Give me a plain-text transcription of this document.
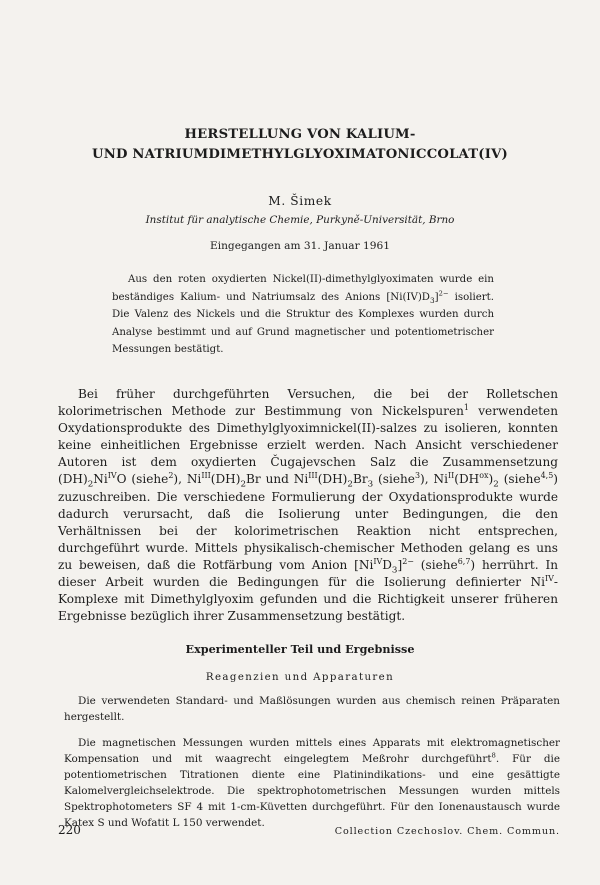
HERSTELLUNG VON KALIUM-
UND NATRIUMDIMETHYLGLYOXIMATONICCOLAT(IV)
M. Šimek
Institut für analytische Chemie, Purkyně-Universität, Brno
Eingegangen am 31. Januar 1961
Aus den roten oxydierten Nickel(II)-dimethylglyoximaten wurde ein beständiges Kalium- und Natriumsalz des Anions $[Ni(IV)D_3]^{2-}$ isoliert. Die Valenz des Nickels und die Struktur des Komplexes wurden durch Analyse bestimmt und auf Grund magnetischer und potentiometrischer Messungen bestätigt.
Bei früher durchgeführten Versuchen, die bei der Rolletschen kolorimetrischen Methode zur Bestimmung von Nickelspuren$^1$ verwendeten Oxydationsprodukte des Dimethylglyoximnickel(II)-salzes zu isolieren, konnten keine einheitlichen Ergebnisse erzielt werden. Nach Ansicht verschiedener Autoren ist dem oxydierten Čugajevschen Salz die Zusammensetzung $(DH)_2Ni^{IV}O$ (siehe$^2$), $Ni^{III}(DH)_2Br$ und $Ni^{III}(DH)_2Br_3$ (siehe$^3$), $Ni^{II}(DH^{ox})_2$ (siehe$^{4,5}$) zuzuschreiben. Die verschiedene Formulierung der Oxydationsprodukte wurde dadurch verursacht, daß die Isolierung unter Bedingungen, die den Verhältnissen bei der kolorimetrischen Reaktion nicht entsprechen, durchgeführt wurde. Mittels physikalisch-chemischer Methoden gelang es uns zu beweisen, daß die Rotfärbung vom Anion $[Ni^{IV}D_3]^{2-}$ (siehe$^{6,7}$) herrührt. In dieser Arbeit wurden die Bedingungen für die Isolierung definierter $Ni^{IV}$-Komplexe mit Dimethylglyoxim gefunden und die Richtigkeit unserer früheren Ergebnisse bezüglich ihrer Zusammensetzung bestätigt.
Experimenteller Teil und Ergebnisse
Reagenzien und Apparaturen
Die verwendeten Standard- und Maßlösungen wurden aus chemisch reinen Präparaten hergestellt.
Die magnetischen Messungen wurden mittels eines Apparats mit elektromagnetischer Kompensation und mit waagrecht eingelegtem Meßrohr durchgeführt$^8$. Für die potentiometrischen Titrationen diente eine Platinindikations- und eine gesättigte Kalomelvergleichselektrode. Die spektrophotometrischen Messungen wurden mittels Spektrophotometers SF 4 mit 1-cm-Küvetten durchgeführt. Für den Ionenaustausch wurde Katex S und Wofatit L 150 verwendet.
220	Collection Czechoslov. Chem. Commun.
